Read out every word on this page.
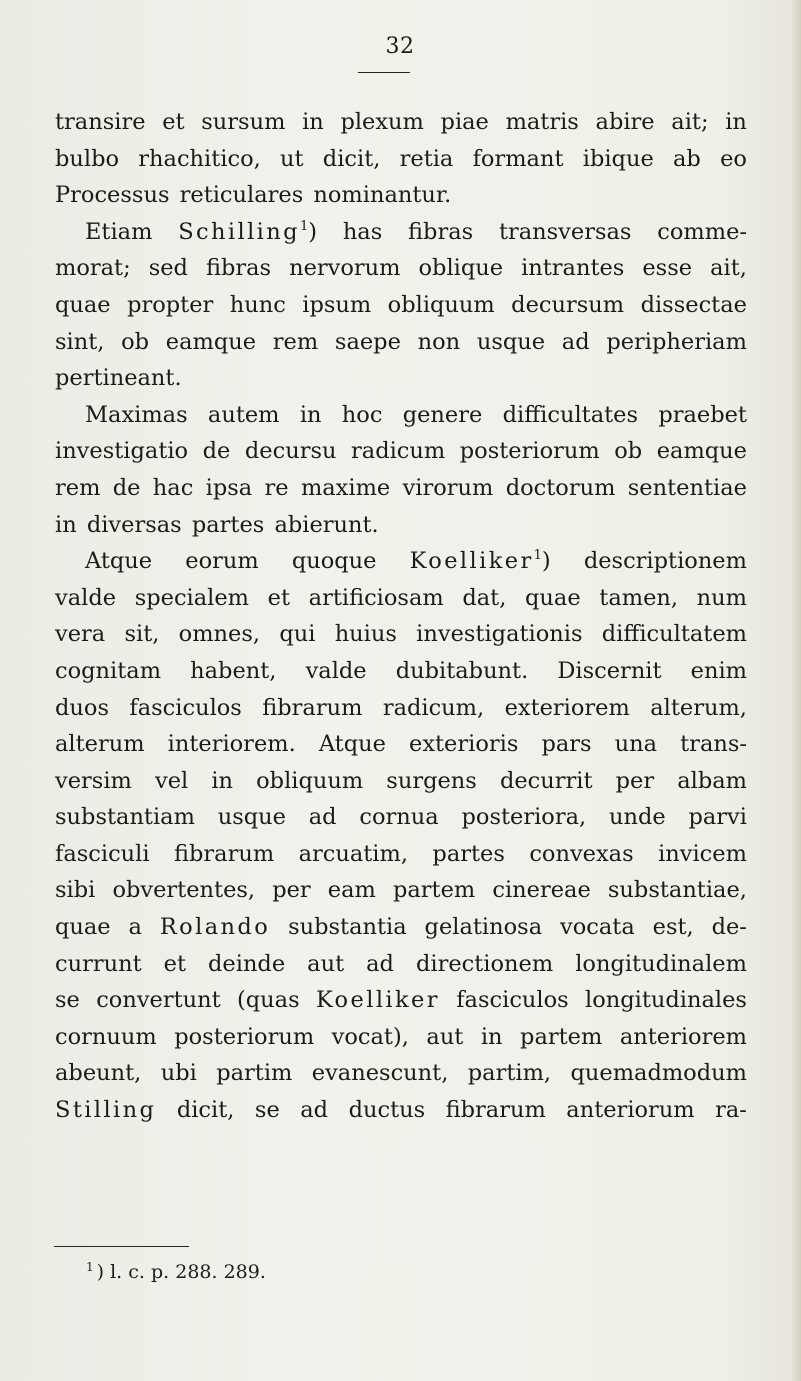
32
transire et sursum in plexum piae matris abire ait; in
bulbo rhachitico, ut dicit, retia formant ibique ab eo
Processus reticulares nominantur.
Etiam Schilling$^1$) has fibras transversas comme-
morat; sed fibras nervorum oblique intrantes esse ait,
quae propter hunc ipsum obliquum decursum dissectae
sint, ob eamque rem saepe non usque ad peripheriam
pertineant.
Maximas autem in hoc genere difficultates praebet
investigatio de decursu radicum posteriorum ob eamque
rem de hac ipsa re maxime virorum doctorum sententiae
in diversas partes abierunt.
Atque eorum quoque Koelliker$^1$) descriptionem
valde specialem et artificiosam dat, quae tamen, num
vera sit, omnes, qui huius investigationis difficultatem
cognitam habent, valde dubitabunt. Discernit enim
duos fasciculos fibrarum radicum, exteriorem alterum,
alterum interiorem. Atque exterioris pars una trans-
versim vel in obliquum surgens decurrit per albam
substantiam usque ad cornua posteriora, unde parvi
fasciculi fibrarum arcuatim, partes convexas invicem
sibi obvertentes, per eam partem cinereae substantiae,
quae a Rolando substantia gelatinosa vocata est, de-
currunt et deinde aut ad directionem longitudinalem
se convertunt (quas Koelliker fasciculos longitudinales
cornuum posteriorum vocat), aut in partem anteriorem
abeunt, ubi partim evanescunt, partim, quemadmodum
Stilling dicit, se ad ductus fibrarum anteriorum ra-
$^1$ ) l. c. p. 288. 289.
